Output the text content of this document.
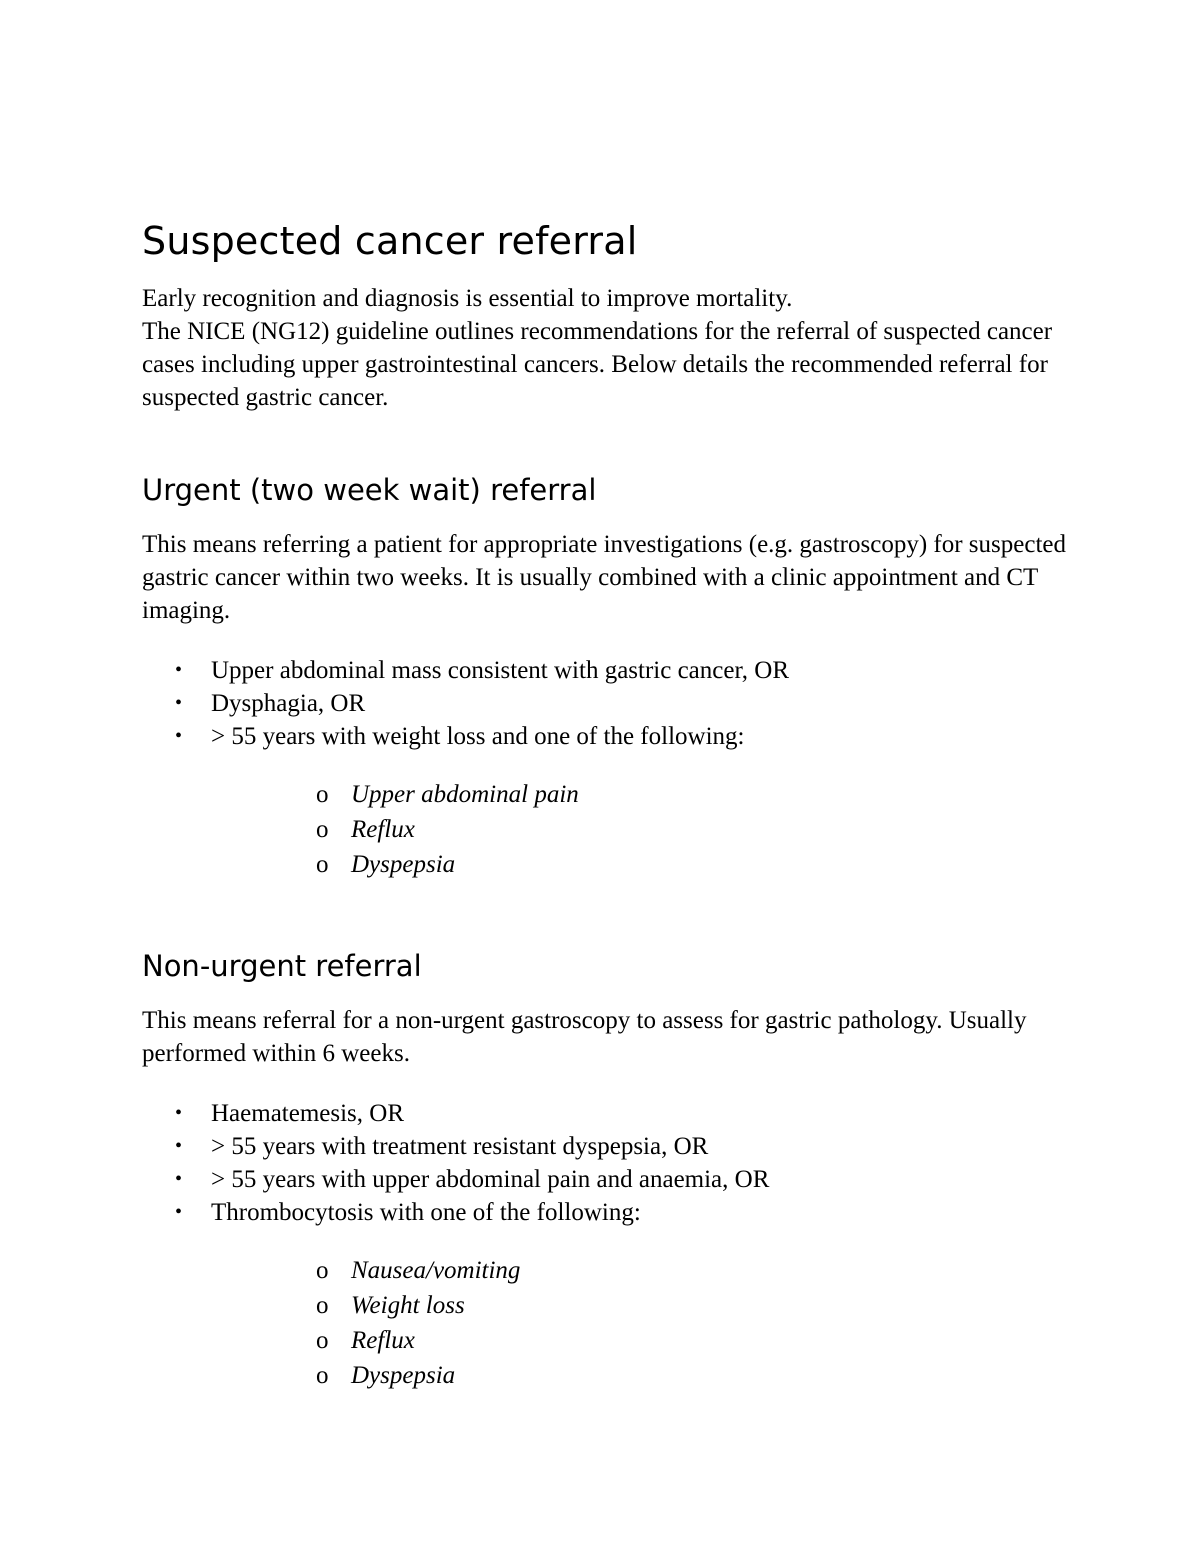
Suspected cancer referral

Early recognition and diagnosis is essential to improve mortality.

The NICE (NG12) guideline outlines recommendations for the referral of suspected cancer cases including upper gastrointestinal cancers. Below details the recommended referral for suspected gastric cancer.

Urgent (two week wait) referral

This means referring a patient for appropriate investigations (e.g. gastroscopy) for suspected gastric cancer within two weeks. It is usually combined with a clinic appointment and CT imaging.

• Upper abdominal mass consistent with gastric cancer, OR
• Dysphagia, OR
• > 55 years with weight loss and one of the following:
o Upper abdominal pain
o Reflux
o Dyspepsia
Non-urgent referral

This means referral for a non-urgent gastroscopy to assess for gastric pathology. Usually performed within 6 weeks.

• Haematemesis, OR
• > 55 years with treatment resistant dyspepsia, OR
• > 55 years with upper abdominal pain and anaemia, OR
• Thrombocytosis with one of the following:
o Nausea/vomiting
o Weight loss
o Reflux
o Dyspepsia
